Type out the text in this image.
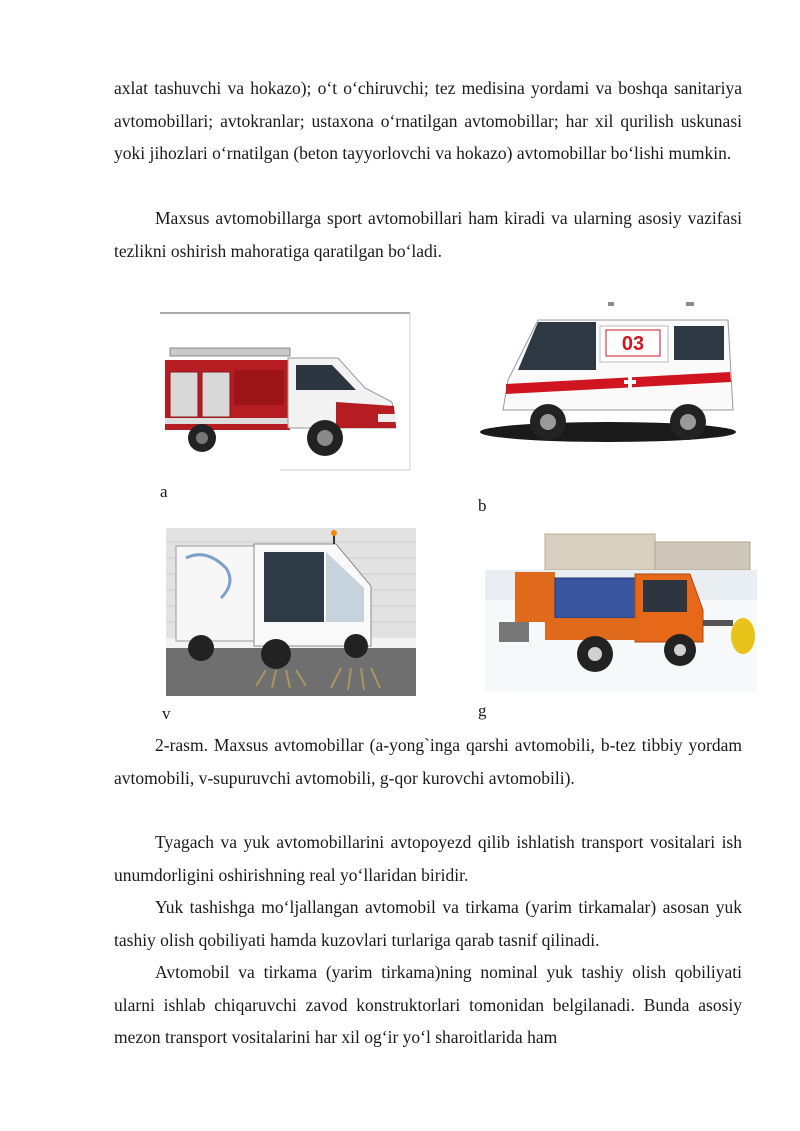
axlat tashuvchi va hokazo); o‘t o‘chiruvchi; tez medisina yordami va boshqa sanitariya avtomobillari; avtokranlar; ustaxona o‘rnatilgan avtomobillar; har xil qurilish uskunasi yoki jihozlari o‘rnatilgan (beton tayyorlovchi va hokazo) avtomobillar bo‘lishi mumkin.

Maxsus avtomobillarga sport avtomobillari ham kiradi va ularning asosiy vazifasi tezlikni oshirish mahoratiga qaratilgan bo‘ladi.

a
03
b
v	g

2-rasm. Maxsus avtomobillar (a-yong`inga qarshi avtomobili, b-tez tibbiy yordam avtomobili, v-supuruvchi avtomobili, g-qor kurovchi avtomobili).

Tyagach va yuk avtomobillarini avtopoyezd qilib ishlatish transport vositalari ish unumdorligini oshirishning real yo‘llaridan biridir.

Yuk tashishga mo‘ljallangan avtomobil va tirkama (yarim tirkamalar) asosan yuk tashiy olish qobiliyati hamda kuzovlari turlariga qarab tasnif qilinadi.

Avtomobil va tirkama (yarim tirkama)ning nominal yuk tashiy olish qobiliyati ularni ishlab chiqaruvchi zavod konstruktorlari tomonidan belgilanadi. Bunda asosiy mezon transport vositalarini har xil og‘ir yo‘l sharoitlarida ham
